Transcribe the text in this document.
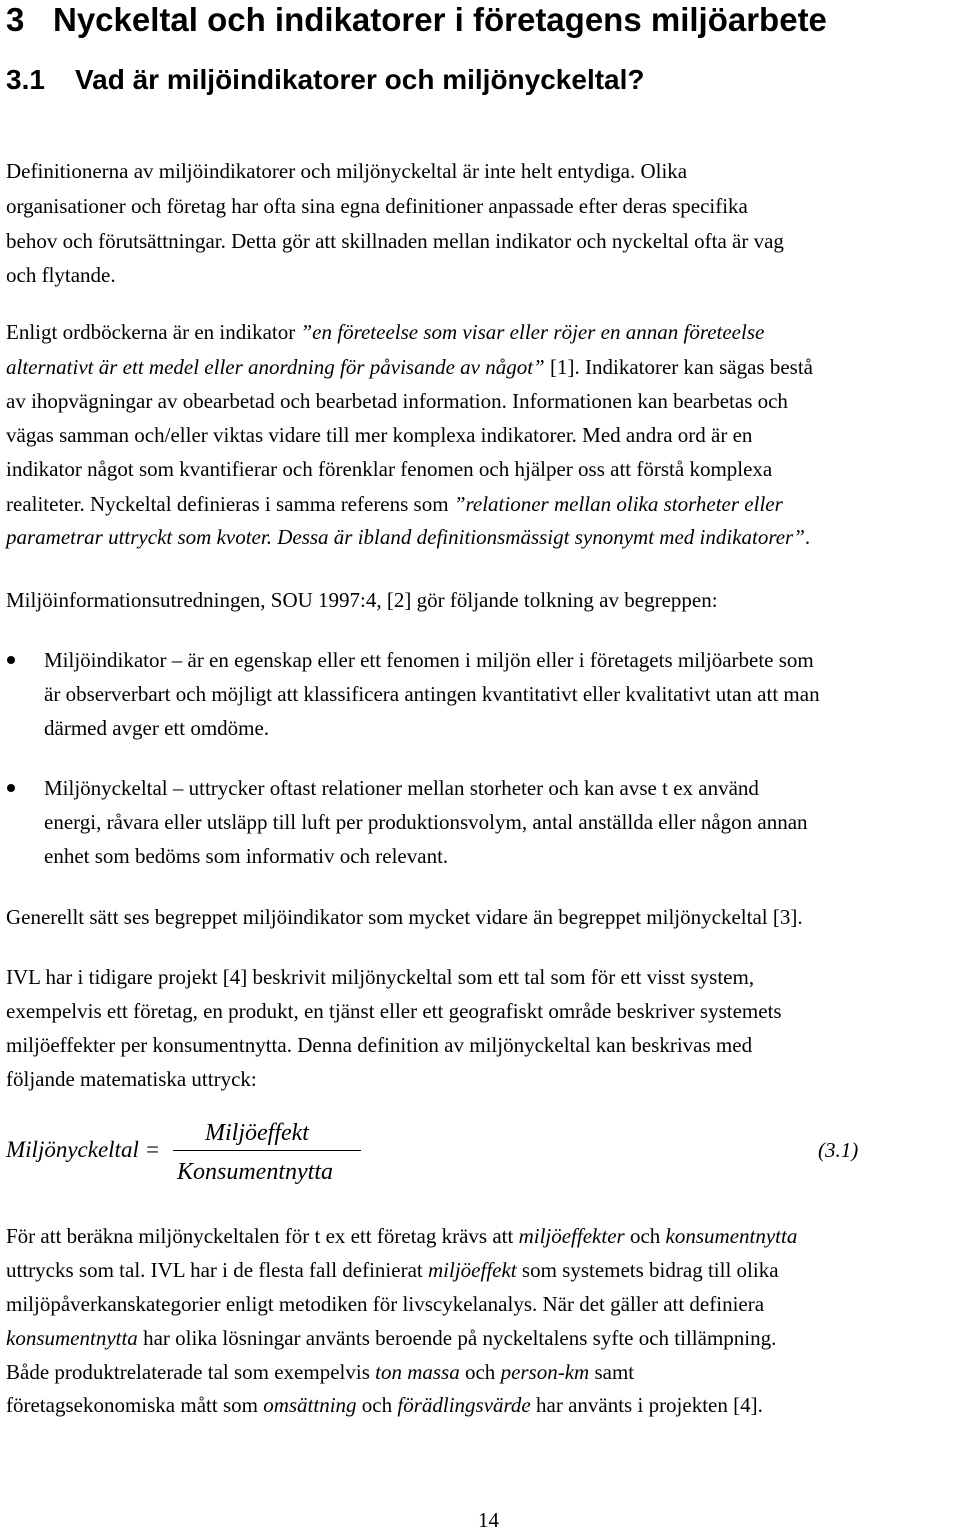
3 Nyckeltal och indikatorer i företagens miljöarbete
3.1 Vad är miljöindikatorer och miljönyckeltal?
Definitionerna av miljöindikatorer och miljönyckeltal är inte helt entydiga. Olika
organisationer och företag har ofta sina egna definitioner anpassade efter deras specifika
behov och förutsättningar. Detta gör att skillnaden mellan indikator och nyckeltal ofta är vag
och flytande.
Enligt ordböckerna är en indikator ”en företeelse som visar eller röjer en annan företeelse
alternativt är ett medel eller anordning för påvisande av något” [1]. Indikatorer kan sägas bestå
av ihopvägningar av obearbetad och bearbetad information. Informationen kan bearbetas och
vägas samman och/eller viktas vidare till mer komplexa indikatorer. Med andra ord är en
indikator något som kvantifierar och förenklar fenomen och hjälper oss att förstå komplexa
realiteter. Nyckeltal definieras i samma referens som ”relationer mellan olika storheter eller
parametrar uttryckt som kvoter. Dessa är ibland definitionsmässigt synonymt med indikatorer”.
Miljöinformationsutredningen, SOU 1997:4, [2] gör följande tolkning av begreppen:
Miljöindikator – är en egenskap eller ett fenomen i miljön eller i företagets miljöarbete som
är observerbart och möjligt att klassificera antingen kvantitativt eller kvalitativt utan att man
därmed avger ett omdöme.
Miljönyckeltal – uttrycker oftast relationer mellan storheter och kan avse t ex använd
energi, råvara eller utsläpp till luft per produktionsvolym, antal anställda eller någon annan
enhet som bedöms som informativ och relevant.
Generellt sätt ses begreppet miljöindikator som mycket vidare än begreppet miljönyckeltal [3].
IVL har i tidigare projekt [4] beskrivit miljönyckeltal som ett tal som för ett visst system,
exempelvis ett företag, en produkt, en tjänst eller ett geografiskt område beskriver systemets
miljöeffekter per konsumentnytta. Denna definition av miljönyckeltal kan beskrivas med
följande matematiska uttryck:
Miljönyckeltal =
Miljöeffekt
Konsumentnytta
(3.1)
För att beräkna miljönyckeltalen för t ex ett företag krävs att miljöeffekter och konsumentnytta
uttrycks som tal. IVL har i de flesta fall definierat miljöeffekt som systemets bidrag till olika
miljöpåverkanskategorier enligt metodiken för livscykelanalys. När det gäller att definiera
konsumentnytta har olika lösningar använts beroende på nyckeltalens syfte och tillämpning.
Både produktrelaterade tal som exempelvis ton massa och person-km samt
företagsekonomiska mått som omsättning och förädlingsvärde har använts i projekten [4].
14
